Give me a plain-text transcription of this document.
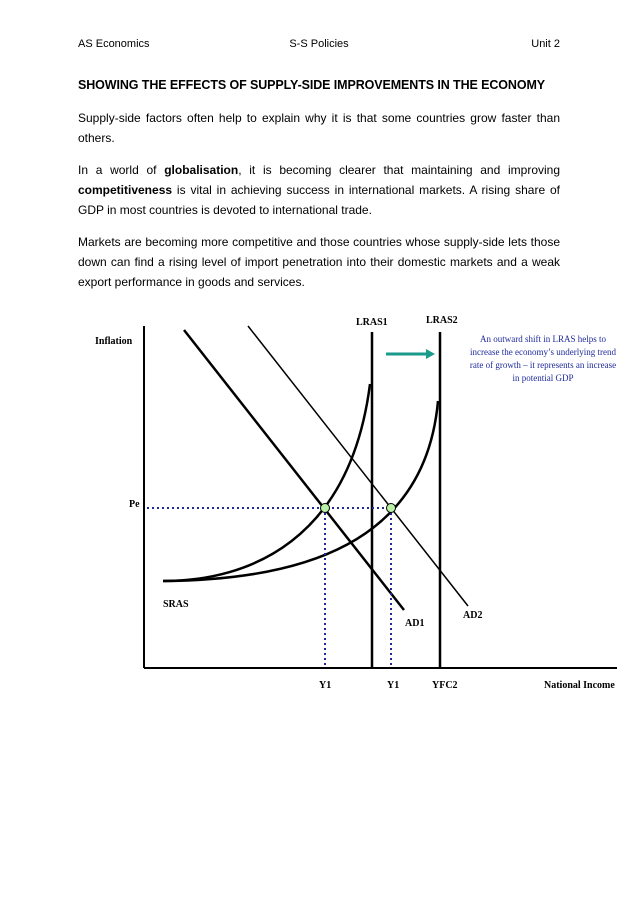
AS Economics	S-S Policies	Unit 2
SHOWING THE EFFECTS OF SUPPLY-SIDE IMPROVEMENTS IN THE ECONOMY

Supply-side factors often help to explain why it is that some countries grow faster than others.

In a world of globalisation, it is becoming clearer that maintaining and improving competitiveness is vital in achieving success in international markets. A rising share of GDP in most countries is devoted to international trade.

Markets are becoming more competitive and those countries whose supply-side lets those down can find a rising level of import penetration into their domestic markets and a weak export performance in goods and services.

Inflation
National Income
Pe
LRAS1	LRAS2
SRAS
AD1
AD2
Y1	Y1	YFC2
An outward shift in LRAS helps to
increase the economy’s underlying trend
rate of growth – it represents an increase
in potential GDP
